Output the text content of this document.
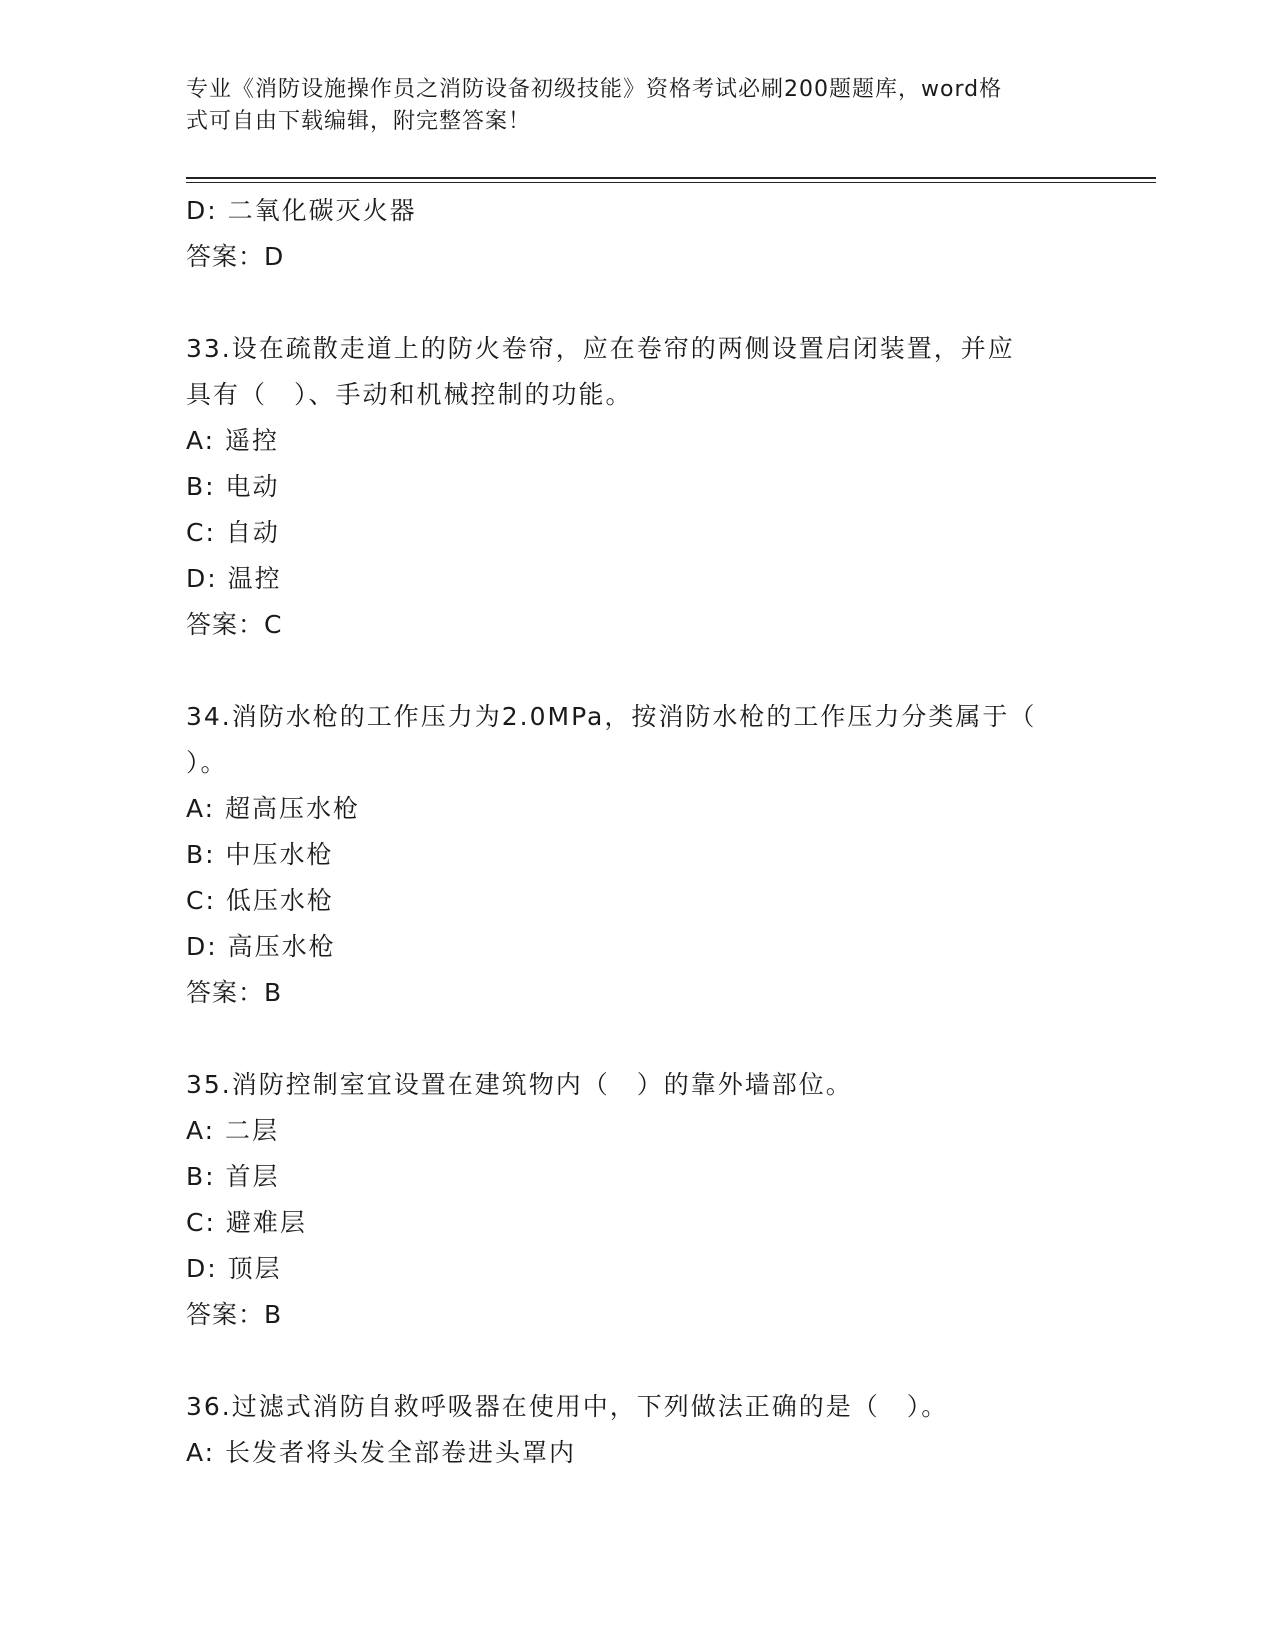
专业《消防设施操作员之消防设备初级技能》资格考试必刷200题题库，word格
式可自由下载编辑，附完整答案！
D: 二氧化碳灭火器
答案：D
33.设在疏散走道上的防火卷帘，应在卷帘的两侧设置启闭装置，并应
具有（　）、手动和机械控制的功能。
A: 遥控
B: 电动
C: 自动
D: 温控
答案：C
34.消防水枪的工作压力为2.0MPa，按消防水枪的工作压力分类属于（
）。
A: 超高压水枪
B: 中压水枪
C: 低压水枪
D: 高压水枪
答案：B
35.消防控制室宜设置在建筑物内（　）的靠外墙部位。
A: 二层
B: 首层
C: 避难层
D: 顶层
答案：B
36.过滤式消防自救呼吸器在使用中，下列做法正确的是（　）。
A: 长发者将头发全部卷进头罩内
